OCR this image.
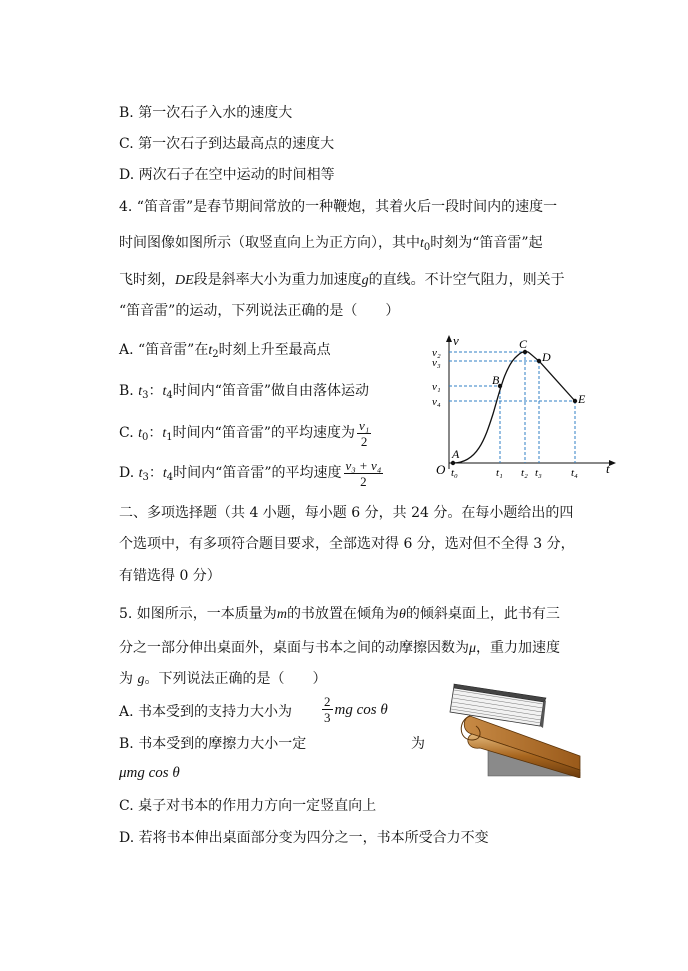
B. 第一次石子入水的速度大
C. 第一次石子到达最高点的速度大
D. 两次石子在空中运动的时间相等
4. “笛音雷”是春节期间常放的一种鞭炮，其着火后一段时间内的速度一
时间图像如图所示（取竖直向上为正方向），其中$t_0$时刻为“笛音雷”起
飞时刻，DE段是斜率大小为重力加速度g的直线。不计空气阻力，则关于
“笛音雷”的运动，下列说法正确的是（　　）
A. “笛音雷”在$t_2$时刻上升至最高点
B. $t_3$：$t_4$时间内“笛音雷”做自由落体运动
C. $t_0$：$t_1$时间内“笛音雷”的平均速度为 $\frac{\text{v₁}}{2}$
D. $t_3$：$t_4$时间内“笛音雷”的平均速度 $\frac{\text{v₃ + v₄}}{2}$
v
t
O
A
B
C
D
E
v₂
v₃
v₁
v₄
t₀	t₁ t₂ t₃	t₄
二、多项选择题（共 4 小题，每小题 6 分，共 24 分。在每小题给出的四
个选项中，有多项符合题目要求，全部选对得 6 分，选对但不全得 3 分，
有错选得 0 分）
5. 如图所示，一本质量为m的书放置在倾角为θ的倾斜桌面上，此书有三
分之一部分伸出桌面外，桌面与书本之间的动摩擦因数为μ，重力加速度
为 g。下列说法正确的是（　　）
A. 书本受到的支持力大小为 $\frac{2}{3}$ mg cos θ
B. 书本受到的摩擦力大小一定	为
μmg cos θ
C. 桌子对书本的作用力方向一定竖直向上
D. 若将书本伸出桌面部分变为四分之一，书本所受合力不变
